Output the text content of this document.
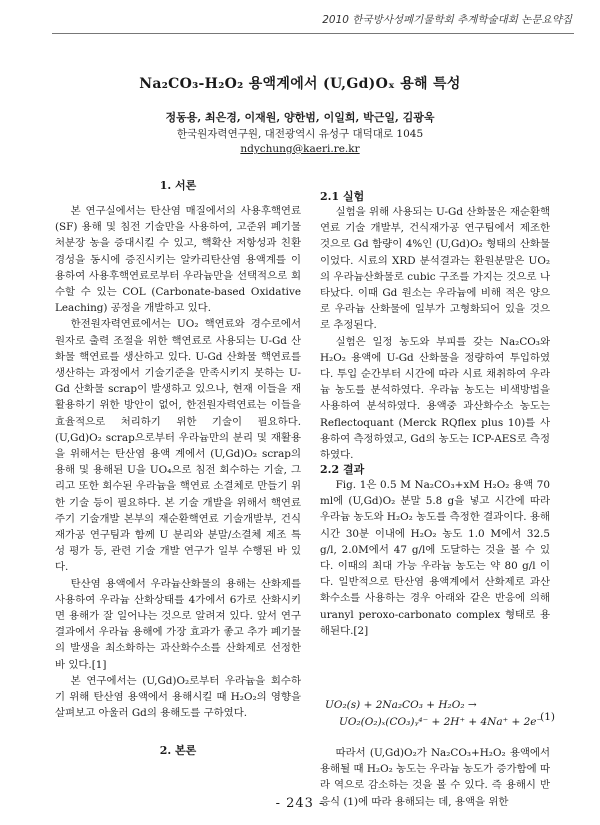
2010 한국방사성폐기물학회 추계학술대회 논문요약집
Na₂CO₃-H₂O₂ 용액계에서 (U,Gd)Oₓ 용해 특성
정동용, 최은경, 이재원, 양한범, 이일희, 박근일, 김광욱
한국원자력연구원, 대전광역시 유성구 대덕대로 1045
ndychung@kaeri.re.kr
1. 서론

본 연구실에서는 탄산염 매질에서의 사용후핵연료(SF) 용해 및 침전 기술만을 사용하여, 고준위 폐기물 처분장 농을 증대시킬 수 있고, 핵확산 저항성과 친환경성을 동시에 증진시키는 알카리탄산염 용액계를 이용하여 사용후핵연료로부터 우라늄만을 선택적으로 회수할 수 있는 COL (Carbonate-based Oxidative Leaching) 공정을 개발하고 있다.

한전원자력연료에서는 UO₂ 핵연료와 경수로에서 원자로 출력 조절을 위한 핵연료로 사용되는 U-Gd 산화물 핵연료를 생산하고 있다. U-Gd 산화물 핵연료를 생산하는 과정에서 기술기준을 만족시키지 못하는 U-Gd 산화물 scrap이 발생하고 있으나, 현재 이들을 재활용하기 위한 방안이 없어, 한전원자력연료는 이들을 효율적으로 처리하기 위한 기술이 필요하다. (U,Gd)O₂ scrap으로부터 우라늄만의 분리 및 재활용을 위해서는 탄산염 용액 계에서 (U,Gd)O₂ scrap의 용해 및 용해된 U을 UO₄으로 침전 회수하는 기술, 그리고 또한 회수된 우라늄을 핵연료 소결체로 만들기 위한 기술 등이 필요하다. 본 기술 개발을 위해서 핵연료주기 기술개발 본부의 재순환핵연료 기술개발부, 건식재가공 연구팀과 함께 U 분리와 분말/소결체 제조 특성 평가 등, 관련 기술 개발 연구가 일부 수행된 바 있다.

탄산염 용액에서 우라늄산화물의 용해는 산화제를 사용하여 우라늄 산화상태를 4가에서 6가로 산화시키면 용해가 잘 일어나는 것으로 알려져 있다. 앞서 연구 결과에서 우라늄 용해에 가장 효과가 좋고 추가 폐기물의 발생을 최소화하는 과산화수소를 산화제로 선정한 바 있다.[1]

본 연구에서는 (U,Gd)O₂로부터 우라늄을 회수하기 위해 탄산염 용액에서 용해시킬 때 H₂O₂의 영향을 살펴보고 아울러 Gd의 용해도를 구하였다.

2. 본론
2.1 실험

실험을 위해 사용되는 U-Gd 산화물은 재순환핵연료 기술 개발부, 건식재가공 연구팀에서 제조한 것으로 Gd 함량이 4%인 (U,Gd)O₂ 형태의 산화물이었다. 시료의 XRD 분석결과는 환원분말은 UO₂의 우라늄산화물로 cubic 구조를 가지는 것으로 나타났다. 이때 Gd 원소는 우라늄에 비해 적은 양으로 우라늄 산화물에 일부가 고형화되어 있을 것으로 추정된다.

실험은 일정 농도와 부피를 갖는 Na₂CO₃와 H₂O₂ 용액에 U-Gd 산화물을 정량하여 투입하였다. 투입 순간부터 시간에 따라 시료 채취하여 우라늄 농도를 분석하였다. 우라늄 농도는 비색방법을 사용하여 분석하였다. 용액중 과산화수소 농도는 Reflectoquant (Merck RQflex plus 10)를 사용하여 측정하였고, Gd의 농도는 ICP-AES로 측정하였다.

2.2 결과

Fig. 1은 0.5 M Na₂CO₃+xM H₂O₂ 용액 70 ml에 (U,Gd)O₂ 분말 5.8 g을 넣고 시간에 따라 우라늄 농도와 H₂O₂ 농도를 측정한 결과이다. 용해시간 30분 이내에 H₂O₂ 농도 1.0 M에서 32.5 g/l, 2.0M에서 47 g/l에 도달하는 것을 볼 수 있다. 이때의 최대 가능 우라늄 농도는 약 80 g/l 이다. 일반적으로 탄산염 용액계에서 산화제로 과산화수소를 사용하는 경우 아래와 같은 반응에 의해 uranyl peroxo-carbonato complex 형태로 용해된다.[2]

UO₂(s) + 2Na₂CO₃ + H₂O₂ →
UO₂(O₂)ₓ(CO₃)ᵧ⁴⁻ + 2H⁺ + 4Na⁺ + 2e⁻
(1)

따라서 (U,Gd)O₂가 Na₂CO₃+H₂O₂ 용액에서 용해될 때 H₂O₂ 농도는 우라늄 농도가 증가함에 따라 역으로 감소하는 것을 볼 수 있다. 즉 용해시 반응식 (1)에 따라 용해되는 데, 용액을 위한

- 243 -
